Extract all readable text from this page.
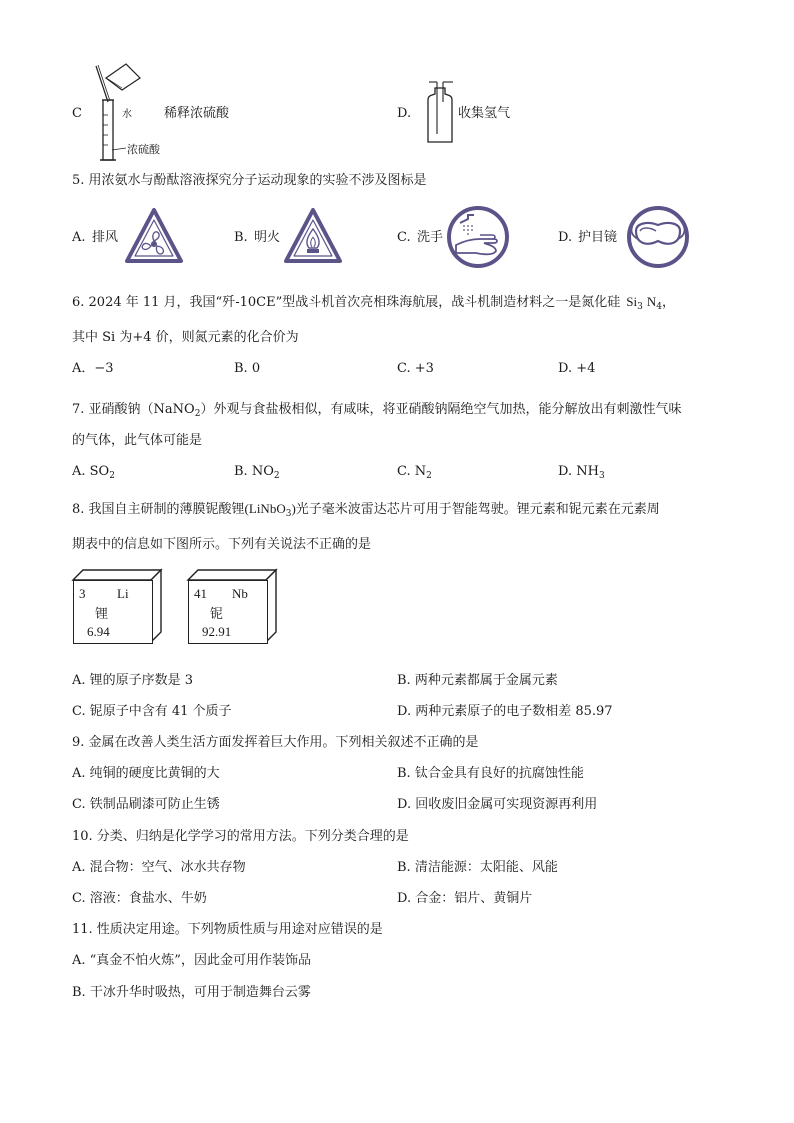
C	水
浓硫酸
稀释浓硫酸	D.	收集氢气
5. 用浓氨水与酚酞溶液探究分子运动现象的实验不涉及图标是
A. 排风	B. 明火	C. 洗手	D. 护目镜
6. 2024 年 11 月，我国“歼-10CE”型战斗机首次亮相珠海航展，战斗机制造材料之一是氮化硅 $Si_3$ $N_4$，
其中 Si 为+4 价，则氮元素的化合价为
A．−3	B. 0	C. +3	D. +4
7. 亚硝酸钠（NaNO$_2$）外观与食盐极相似，有咸味，将亚硝酸钠隔绝空气加热，能分解放出有刺激性气味
的气体，此气体可能是
A. $SO_2$	B. $NO_2$	C. $N_2$	D. $NH_3$
8. 我国自主研制的薄膜铌酸锂(LiNbO$_3$)光子毫米波雷达芯片可用于智能驾驶。锂元素和铌元素在元素周
期表中的信息如下图所示。下列有关说法不正确的是
3 Li
锂
6.94
41 Nb
铌
92.91
A. 锂的原子序数是 3	B. 两种元素都属于金属元素
C. 铌原子中含有 41 个质子	D. 两种元素原子的电子数相差 85.97
9. 金属在改善人类生活方面发挥着巨大作用。下列相关叙述不正确的是
A. 纯铜的硬度比黄铜的大	B. 钛合金具有良好的抗腐蚀性能
C. 铁制品刷漆可防止生锈	D. 回收废旧金属可实现资源再利用
10. 分类、归纳是化学学习的常用方法。下列分类合理的是
A. 混合物：空气、冰水共存物	B. 清洁能源：太阳能、风能
C. 溶液：食盐水、牛奶	D. 合金：铝片、黄铜片
11. 性质决定用途。下列物质性质与用途对应错误的是
A. “真金不怕火炼”，因此金可用作装饰品
B. 干冰升华时吸热，可用于制造舞台云雾
